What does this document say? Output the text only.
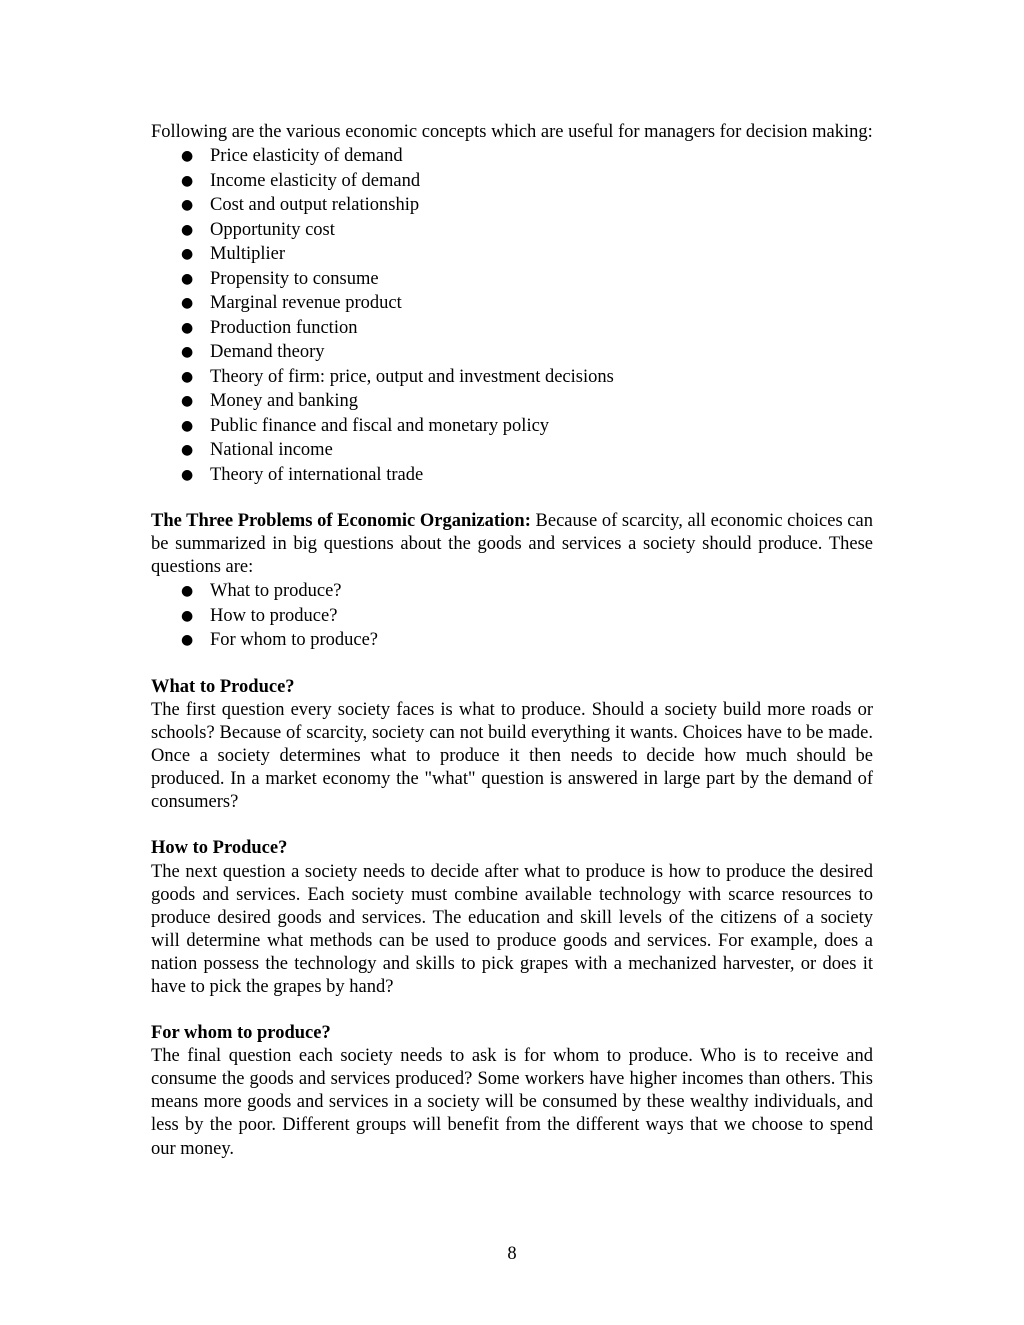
Following are the various economic concepts which are useful for managers for decision making:

● Price elasticity of demand
● Income elasticity of demand
● Cost and output relationship
● Opportunity cost
● Multiplier
● Propensity to consume
● Marginal revenue product
● Production function
● Demand theory
● Theory of firm: price, output and investment decisions
● Money and banking
● Public finance and fiscal and monetary policy
● National income
● Theory of international trade

The Three Problems of Economic Organization: Because of scarcity, all economic choices can be summarized in big questions about the goods and services a society should produce. These questions are:

● What to produce?
● How to produce?
● For whom to produce?
What to Produce?

The first question every society faces is what to produce. Should a society build more roads or schools? Because of scarcity, society can not build everything it wants. Choices have to be made. Once a society determines what to produce it then needs to decide how much should be produced. In a market economy the "what" question is answered in large part by the demand of consumers?

How to Produce?

The next question a society needs to decide after what to produce is how to produce the desired goods and services. Each society must combine available technology with scarce resources to produce desired goods and services. The education and skill levels of the citizens of a society will determine what methods can be used to produce goods and services. For example, does a nation possess the technology and skills to pick grapes with a mechanized harvester, or does it have to pick the grapes by hand?

For whom to produce?

The final question each society needs to ask is for whom to produce. Who is to receive and consume the goods and services produced? Some workers have higher incomes than others. This means more goods and services in a society will be consumed by these wealthy individuals, and less by the poor. Different groups will benefit from the different ways that we choose to spend our money.

8
